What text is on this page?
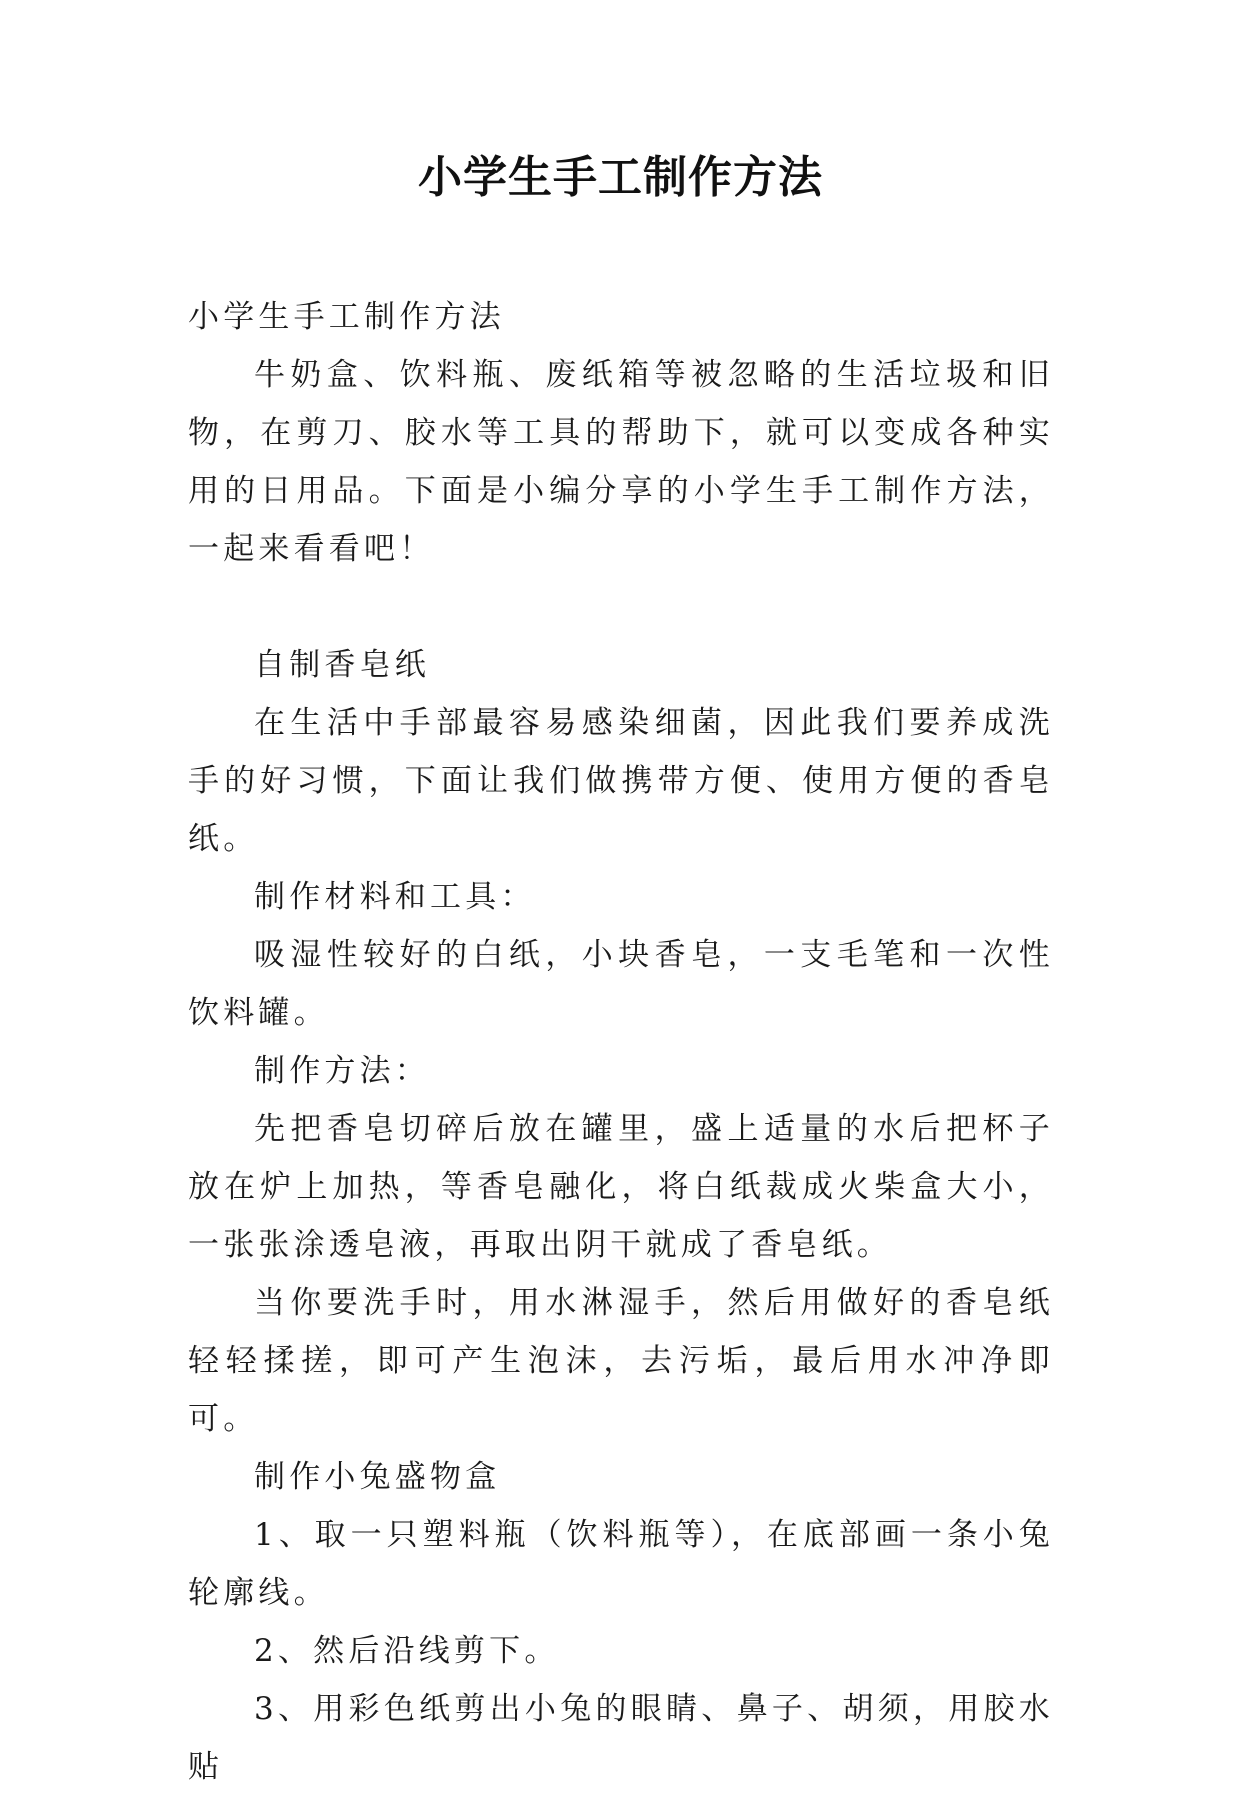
小学生手工制作方法

小学生手工制作方法

牛奶盒、饮料瓶、废纸箱等被忽略的生活垃圾和旧物，在剪刀、胶水等工具的帮助下，就可以变成各种实用的日用品。下面是小编分享的小学生手工制作方法，一起来看看吧！

自制香皂纸

在生活中手部最容易感染细菌，因此我们要养成洗手的好习惯，下面让我们做携带方便、使用方便的香皂纸。

制作材料和工具：

吸湿性较好的白纸，小块香皂，一支毛笔和一次性饮料罐。

制作方法：

先把香皂切碎后放在罐里，盛上适量的水后把杯子放在炉上加热，等香皂融化，将白纸裁成火柴盒大小，一张张涂透皂液，再取出阴干就成了香皂纸。

当你要洗手时，用水淋湿手，然后用做好的香皂纸轻轻揉搓，即可产生泡沫，去污垢，最后用水冲净即可。

制作小兔盛物盒

1、取一只塑料瓶（饮料瓶等），在底部画一条小兔轮廓线。

2、然后沿线剪下。

3、用彩色纸剪出小兔的眼睛、鼻子、胡须，用胶水贴
